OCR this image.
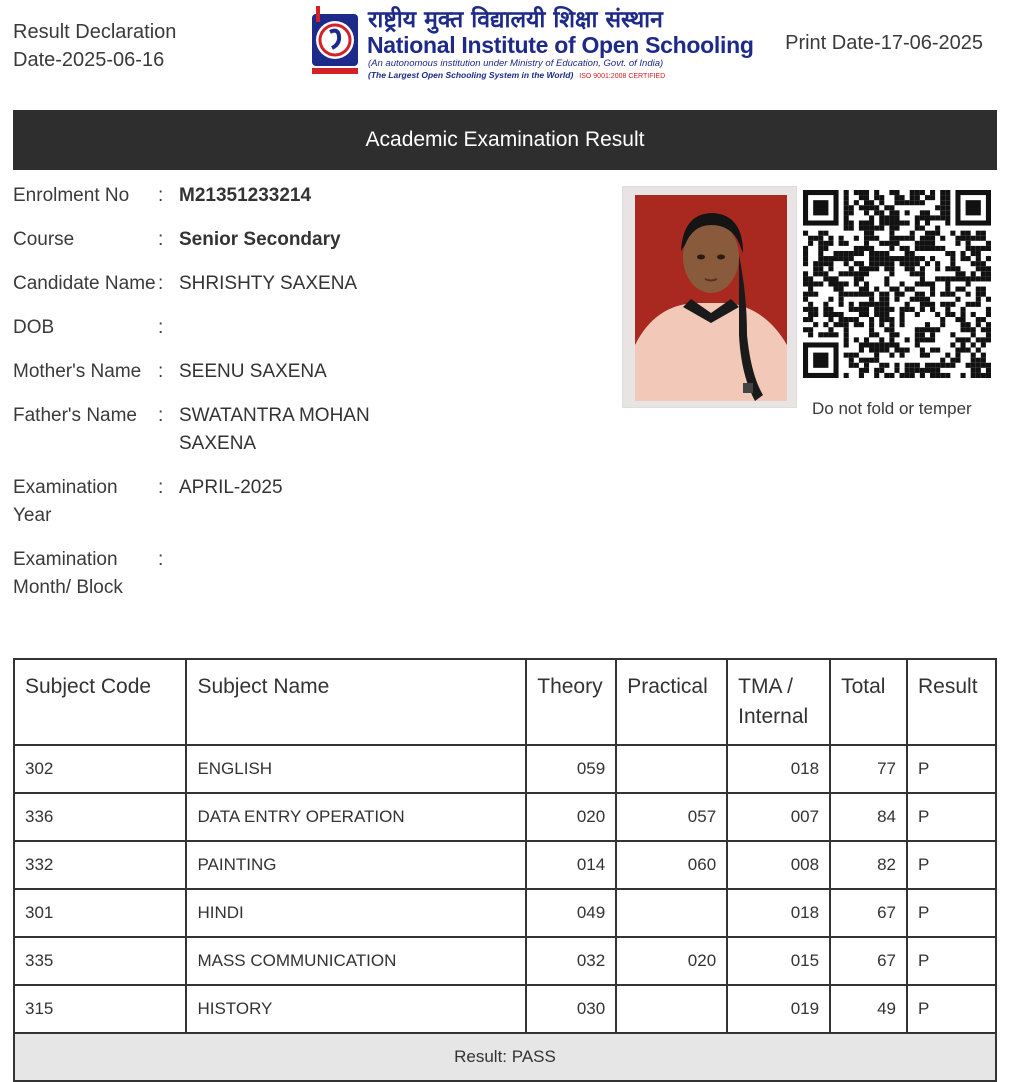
Result Declaration
Date-2025-06-16
राष्ट्रीय मुक्त विद्यालयी शिक्षा संस्थान
National Institute of Open Schooling
(An autonomous institution under Ministry of Education, Govt. of India)
(The Largest Open Schooling System in the World) ISO 9001:2008 CERTIFIED
Print Date-17-06-2025
Academic Examination Result
Enrolment No	: M21351233214
Course	: Senior Secondary
Candidate Name : SHRISHTY SAXENA
DOB	:
Mother's Name : SEENU SAXENA
Father's Name	: SWATANTRA MOHAN SAXENA
Examination Year
: APRIL-2025
Examination Month/ Block
:
Do not fold or temper
Subject Code	Subject Name	Theory	Practical	TMA / Internal	Total	Result
302	ENGLISH	059		018	77	P
336	DATA ENTRY OPERATION	020	057	007	84	P
332	PAINTING	014	060	008	82	P
301	HINDI	049		018	67	P
335	MASS COMMUNICATION	032	020	015	67	P
315	HISTORY	030		019	49	P
Result: PASS						
